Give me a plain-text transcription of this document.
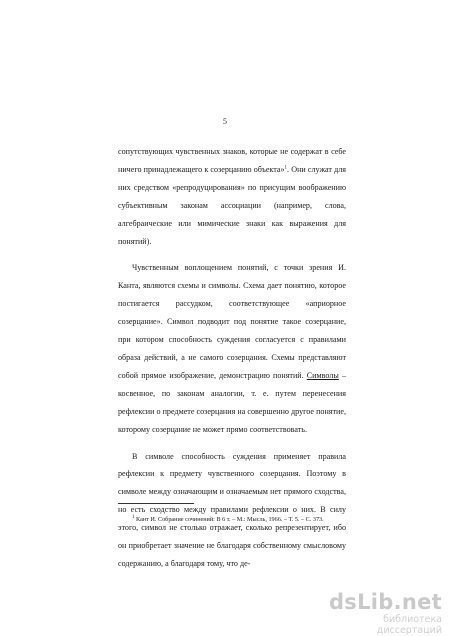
5

сопутствующих чувственных знаков, которые не содержат в себе ничего принадлежащего к созерцанию объекта»$^1$. Они служат для них средством «репродуцирования» по присущим воображению субъективным законам ассоциации (например, слова, алгебраические или мимические знаки как выражения для понятий).

Чувственным воплощением понятий, с точки зрения И. Канта, являются схемы и символы. Схема дает понятию, которое постигается рассудком, соответствующее «априорное созерцание». Символ подводит под понятие такое созерцание, при котором способность суждения согласуется с правилами образа действий, а не самого созерцания. Схемы представляют собой прямое изображение, демонстрацию понятий. Символы – косвенное, по законам аналогии, т. е. путем перенесения рефлексии о предмете созерцания на совершенно другое понятие, которому созерцание не может прямо соответствовать.

В символе способность суждения применяет правила рефлексии к предмету чувственного созерцания. Поэтому в символе между означающим и означаемым нет прямого сходства, но есть сходство между правилами рефлексии о них. В силу этого, символ не столько отражает, сколько репрезентирует, ибо он приобретает значение не благодаря собственному смысловому содержанию, а благодаря тому, что де-

$^1$ Кант И. Собрание сочинений: В 6 т. – М.: Мысль, 1966. – Т. 5. – С. 373.
dsLib.net
библиотека диссертаций
